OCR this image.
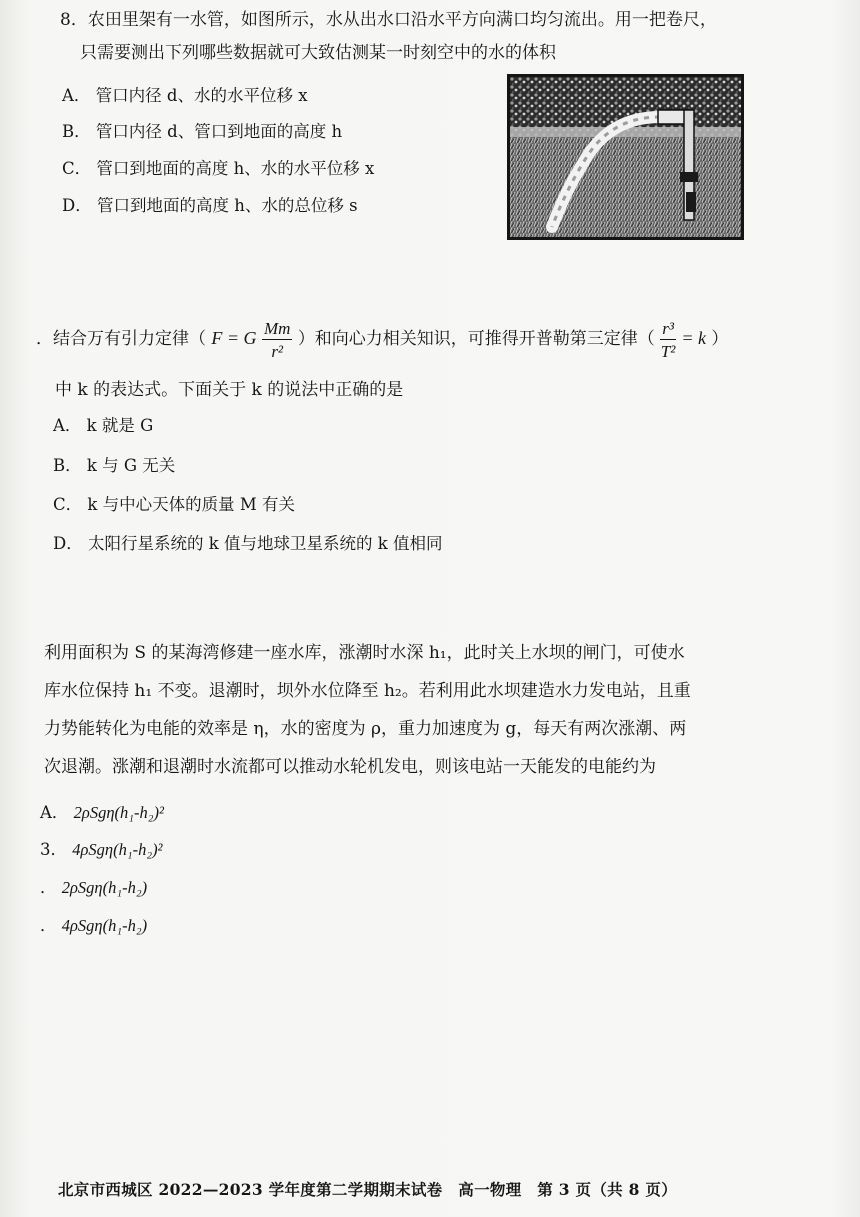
8．农田里架有一水管，如图所示，水从出水口沿水平方向满口均匀流出。用一把卷尺，
只需要测出下列哪些数据就可大致估测某一时刻空中的水的体积
A． 管口内径 d、水的水平位移 x
B． 管口内径 d、管口到地面的高度 h
C． 管口到地面的高度 h、水的水平位移 x
D． 管口到地面的高度 h、水的总位移 s
．结合万有引力定律（ F = G $\frac{Mm}{\text{r²}}$ ）和向心力相关知识，可推得开普勒第三定律（ $\frac{\text{r³}}{\text{T²}} = k$ ）
中 k 的表达式。下面关于 k 的说法中正确的是
A． k 就是 G
B． k 与 G 无关
C． k 与中心天体的质量 M 有关
D． 太阳行星系统的 k 值与地球卫星系统的 k 值相同
利用面积为 S 的某海湾修建一座水库，涨潮时水深 h₁，此时关上水坝的闸门，可使水
库水位保持 h₁ 不变。退潮时，坝外水位降至 h₂。若利用此水坝建造水力发电站，且重
力势能转化为电能的效率是 η，水的密度为 ρ，重力加速度为 g，每天有两次涨潮、两
次退潮。涨潮和退潮时水流都可以推动水轮机发电，则该电站一天能发的电能约为
A． 2ρSgη(h₁-h₂)²
3． 4ρSgη(h₁-h₂)²
． 2ρSgη(h₁-h₂)
． 4ρSgη(h₁-h₂)
北京市西城区 2022—2023 学年度第二学期期末试卷　高一物理　第 3 页（共 8 页）
